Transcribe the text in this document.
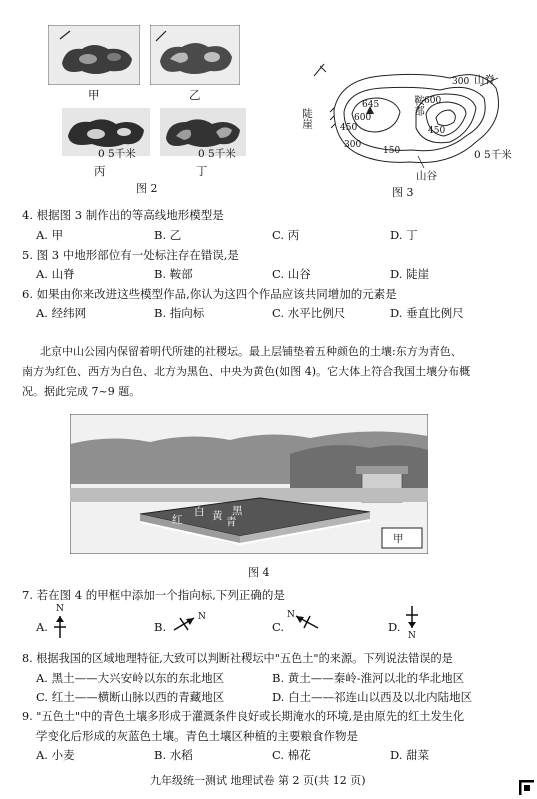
甲	乙
0 5千米
丙
0 5千米
丁
图 2
山脊
鞍部
陡崖
山谷
300
300
450	450
600
600
645
150	0 5千米
图 3
4. 根据图 3 制作出的等高线地形模型是
A. 甲	B. 乙	C. 丙	D. 丁
5. 图 3 中地形部位有一处标注存在错误,是
A. 山脊	B. 鞍部	C. 山谷	D. 陡崖
6. 如果由你来改进这些模型作品,你认为这四个作品应该共同增加的元素是
A. 经纬网	B. 指向标	C. 水平比例尺	D. 垂直比例尺
北京中山公园内保留着明代所建的社稷坛。最上层铺垫着五种颜色的土壤:东方为青色、
南方为红色、西方为白色、北方为黑色、中央为黄色(如图 4)。它大体上符合我国土壤分布概
况。据此完成 7~9 题。
红
白 黄 青
黑
甲
图 4
7. 若在图 4 的甲框中添加一个指向标,下列正确的是
A.
N
B.
N
C.
N
D.
N
8. 根据我国的区域地理特征,大致可以判断社稷坛中"五色土"的来源。下列说法错误的是
A. 黑土——大兴安岭以东的东北地区	B. 黄土——秦岭-淮河以北的华北地区
C. 红土——横断山脉以西的青藏地区	D. 白土——祁连山以西及以北内陆地区
9. "五色土"中的青色土壤多形成于灌溉条件良好或长期淹水的环境,是由原先的红土发生化
学变化后形成的灰蓝色土壤。青色土壤区种植的主要粮食作物是
A. 小麦	B. 水稻	C. 棉花	D. 甜菜
九年级统一测试 地理试卷 第 2 页(共 12 页)
